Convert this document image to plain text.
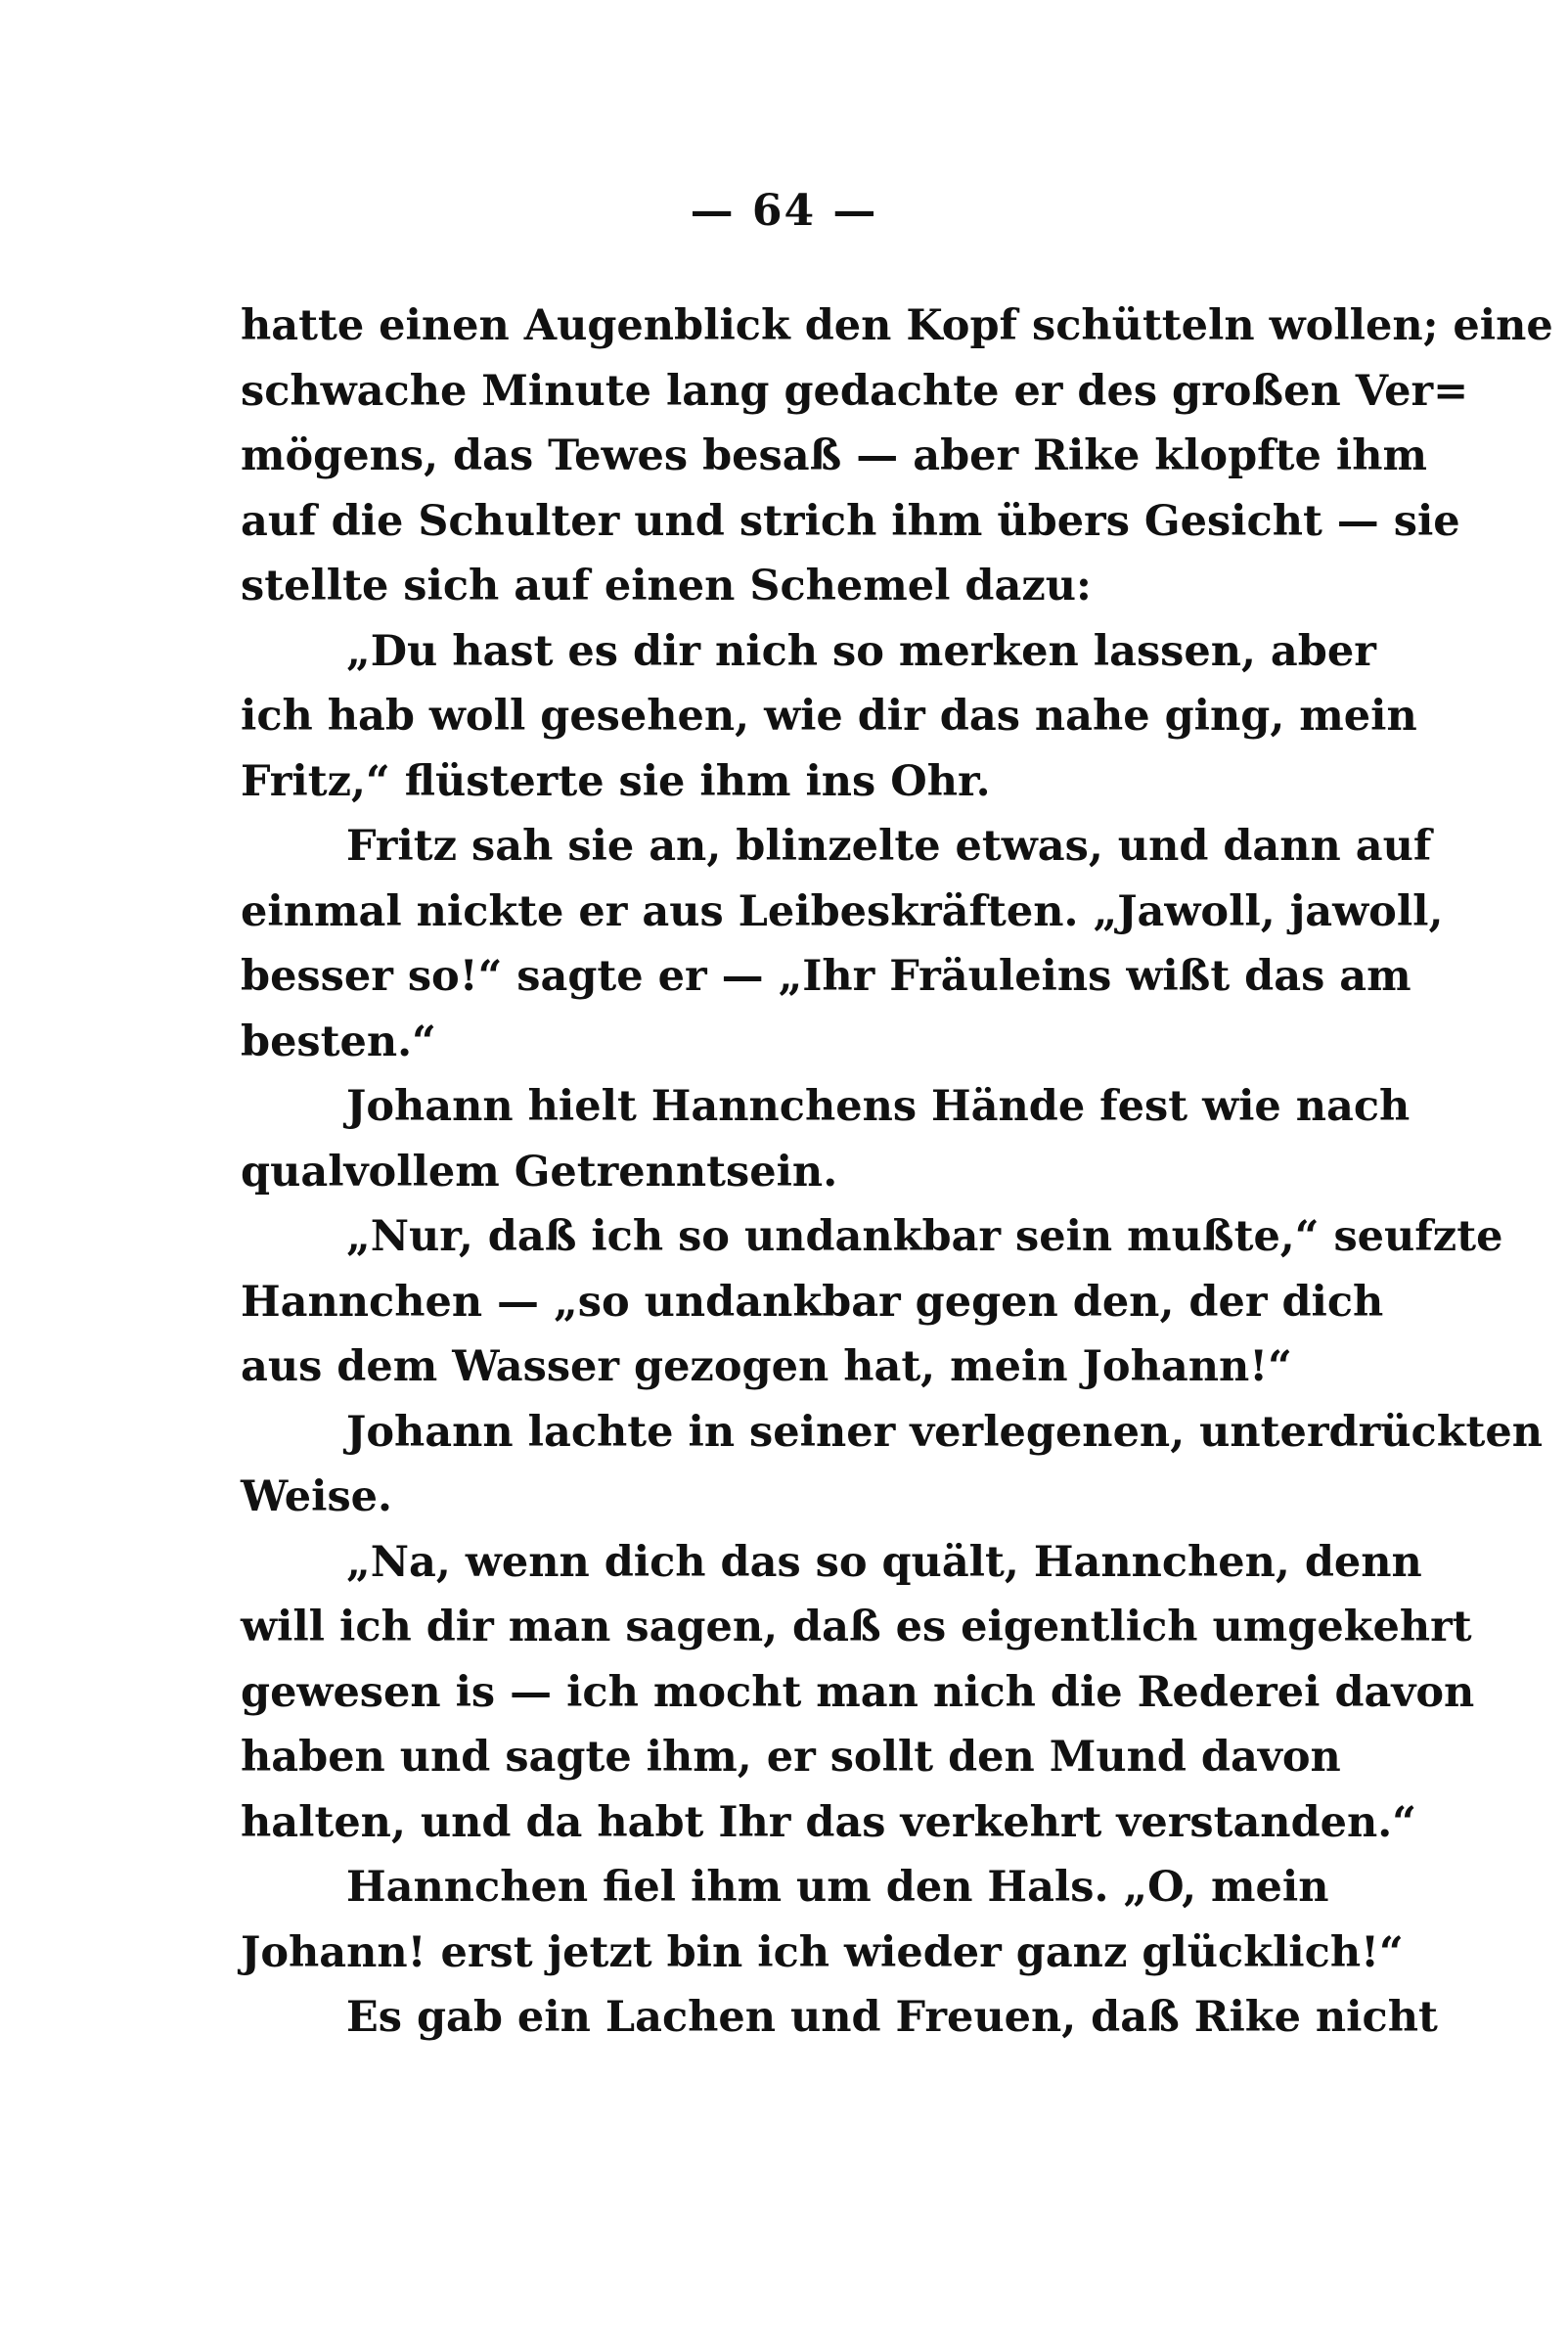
— 64 —
hatte einen Augenblick den Kopf schütteln wollen; eine
schwache Minute lang gedachte er des großen Ver=
mögens, das Tewes besaß — aber Rike klopfte ihm
auf die Schulter und strich ihm übers Gesicht — sie
stellte sich auf einen Schemel dazu:
„Du hast es dir nich so merken lassen, aber
ich hab woll gesehen, wie dir das nahe ging, mein
Fritz,“ flüsterte sie ihm ins Ohr.
Fritz sah sie an, blinzelte etwas, und dann auf
einmal nickte er aus Leibeskräften. „Jawoll, jawoll,
besser so!“ sagte er — „Ihr Fräuleins wißt das am
besten.“
Johann hielt Hannchens Hände fest wie nach
qualvollem Getrenntsein.
„Nur, daß ich so undankbar sein mußte,“ seufzte
Hannchen — „so undankbar gegen den, der dich
aus dem Wasser gezogen hat, mein Johann!“
Johann lachte in seiner verlegenen, unterdrückten
Weise.
„Na, wenn dich das so quält, Hannchen, denn
will ich dir man sagen, daß es eigentlich umgekehrt
gewesen is — ich mocht man nich die Rederei davon
haben und sagte ihm, er sollt den Mund davon
halten, und da habt Ihr das verkehrt verstanden.“
Hannchen fiel ihm um den Hals. „O, mein
Johann! erst jetzt bin ich wieder ganz glücklich!“
Es gab ein Lachen und Freuen, daß Rike nicht
